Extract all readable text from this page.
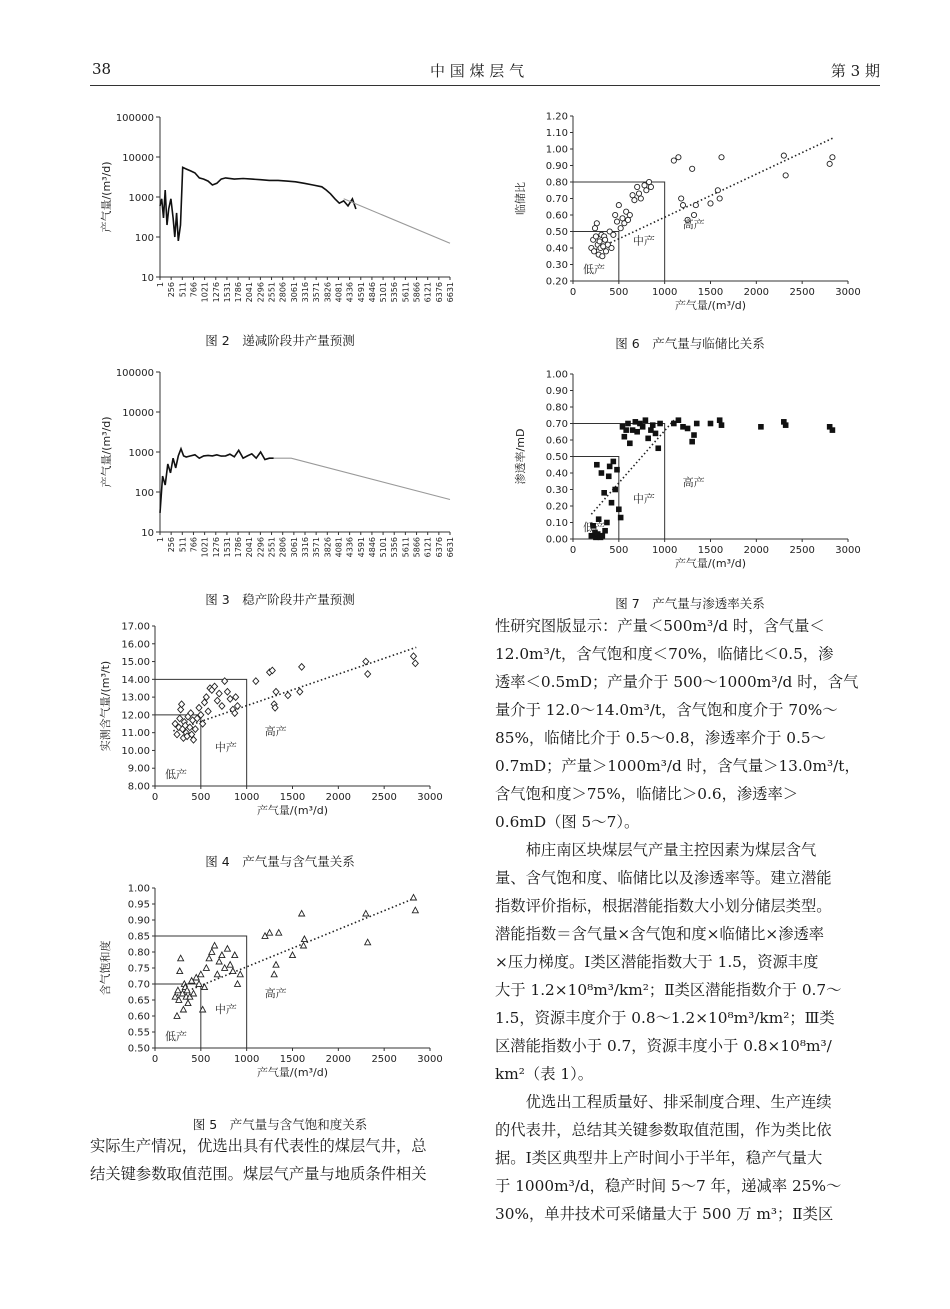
38	中 国 煤 层 气	第 3 期
100000
10000
1000
100
10
1 256 511 766 1021 1276 1531 1786 2041 2296 2551 2806 3061 3316 3571 3826 4081 4336 4591 4846 5101 5356 5611 5866 6121 6376 6631
产气量/(m³/d)
图 2　递减阶段井产量预测
100000
10000
1000
100
10
1 256 511 766 1021 1276 1531 1786 2041 2296 2551 2806 3061 3316 3571 3826 4081 4336 4591 4846 5101 5356 5611 5866 6121 6376 6631
产气量/(m³/d)
图 3　稳产阶段井产量预测
8.00
9.00
10.00
11.00
12.00
13.00
14.00
15.00
16.00
17.00
0	500 1000 1500 2000 2500 3000
产气量/(m³/d)
实测含气量/(m³/t)
低产
中产
高产
图 4　产气量与含气量关系
0.50
0.55
0.60
0.65
0.70
0.75
0.80
0.85
0.90
0.95
1.00
0	500 1000 1500 2000 2500 3000
产气量/(m³/d)
含气饱和度
低产
中产
高产
图 5　产气量与含气饱和度关系
0.20
0.30
0.40
0.50
0.60
0.70
0.80
0.90
1.00
1.10
1.20
0	500 1000 1500 2000 2500 3000
产气量/(m³/d)
临储比
低产
中产
高产
图 6　产气量与临储比关系
0.00
0.10
0.20
0.30
0.40
0.50
0.60
0.70
0.80
0.90
1.00
0	500 1000 1500 2000 2500 3000
产气量/(m³/d)
渗透率/mD
低产
中产
高产
图 7　产气量与渗透率关系

实际生产情况，优选出具有代表性的煤层气井，总

结关键参数取值范围。煤层气产量与地质条件相关

性研究图版显示：产量＜500m³/d 时，含气量＜

12.0m³/t，含气饱和度＜70%，临储比＜0.5，渗

透率＜0.5mD；产量介于 500～1000m³/d 时，含气

量介于 12.0～14.0m³/t，含气饱和度介于 70%～

85%，临储比介于 0.5～0.8，渗透率介于 0.5～

0.7mD；产量＞1000m³/d 时，含气量＞13.0m³/t，

含气饱和度＞75%，临储比＞0.6，渗透率＞

0.6mD（图 5～7）。

　　柿庄南区块煤层气产量主控因素为煤层含气

量、含气饱和度、临储比以及渗透率等。建立潜能

指数评价指标，根据潜能指数大小划分储层类型。

潜能指数＝含气量×含气饱和度×临储比×渗透率

×压力梯度。Ⅰ类区潜能指数大于 1.5，资源丰度

大于 1.2×10⁸m³/km²；Ⅱ类区潜能指数介于 0.7～

1.5，资源丰度介于 0.8～1.2×10⁸m³/km²；Ⅲ类

区潜能指数小于 0.7，资源丰度小于 0.8×10⁸m³/

km²（表 1）。

　　优选出工程质量好、排采制度合理、生产连续

的代表井，总结其关键参数取值范围，作为类比依

据。Ⅰ类区典型井上产时间小于半年，稳产气量大

于 1000m³/d，稳产时间 5～7 年，递减率 25%～

30%，单井技术可采储量大于 500 万 m³；Ⅱ类区
